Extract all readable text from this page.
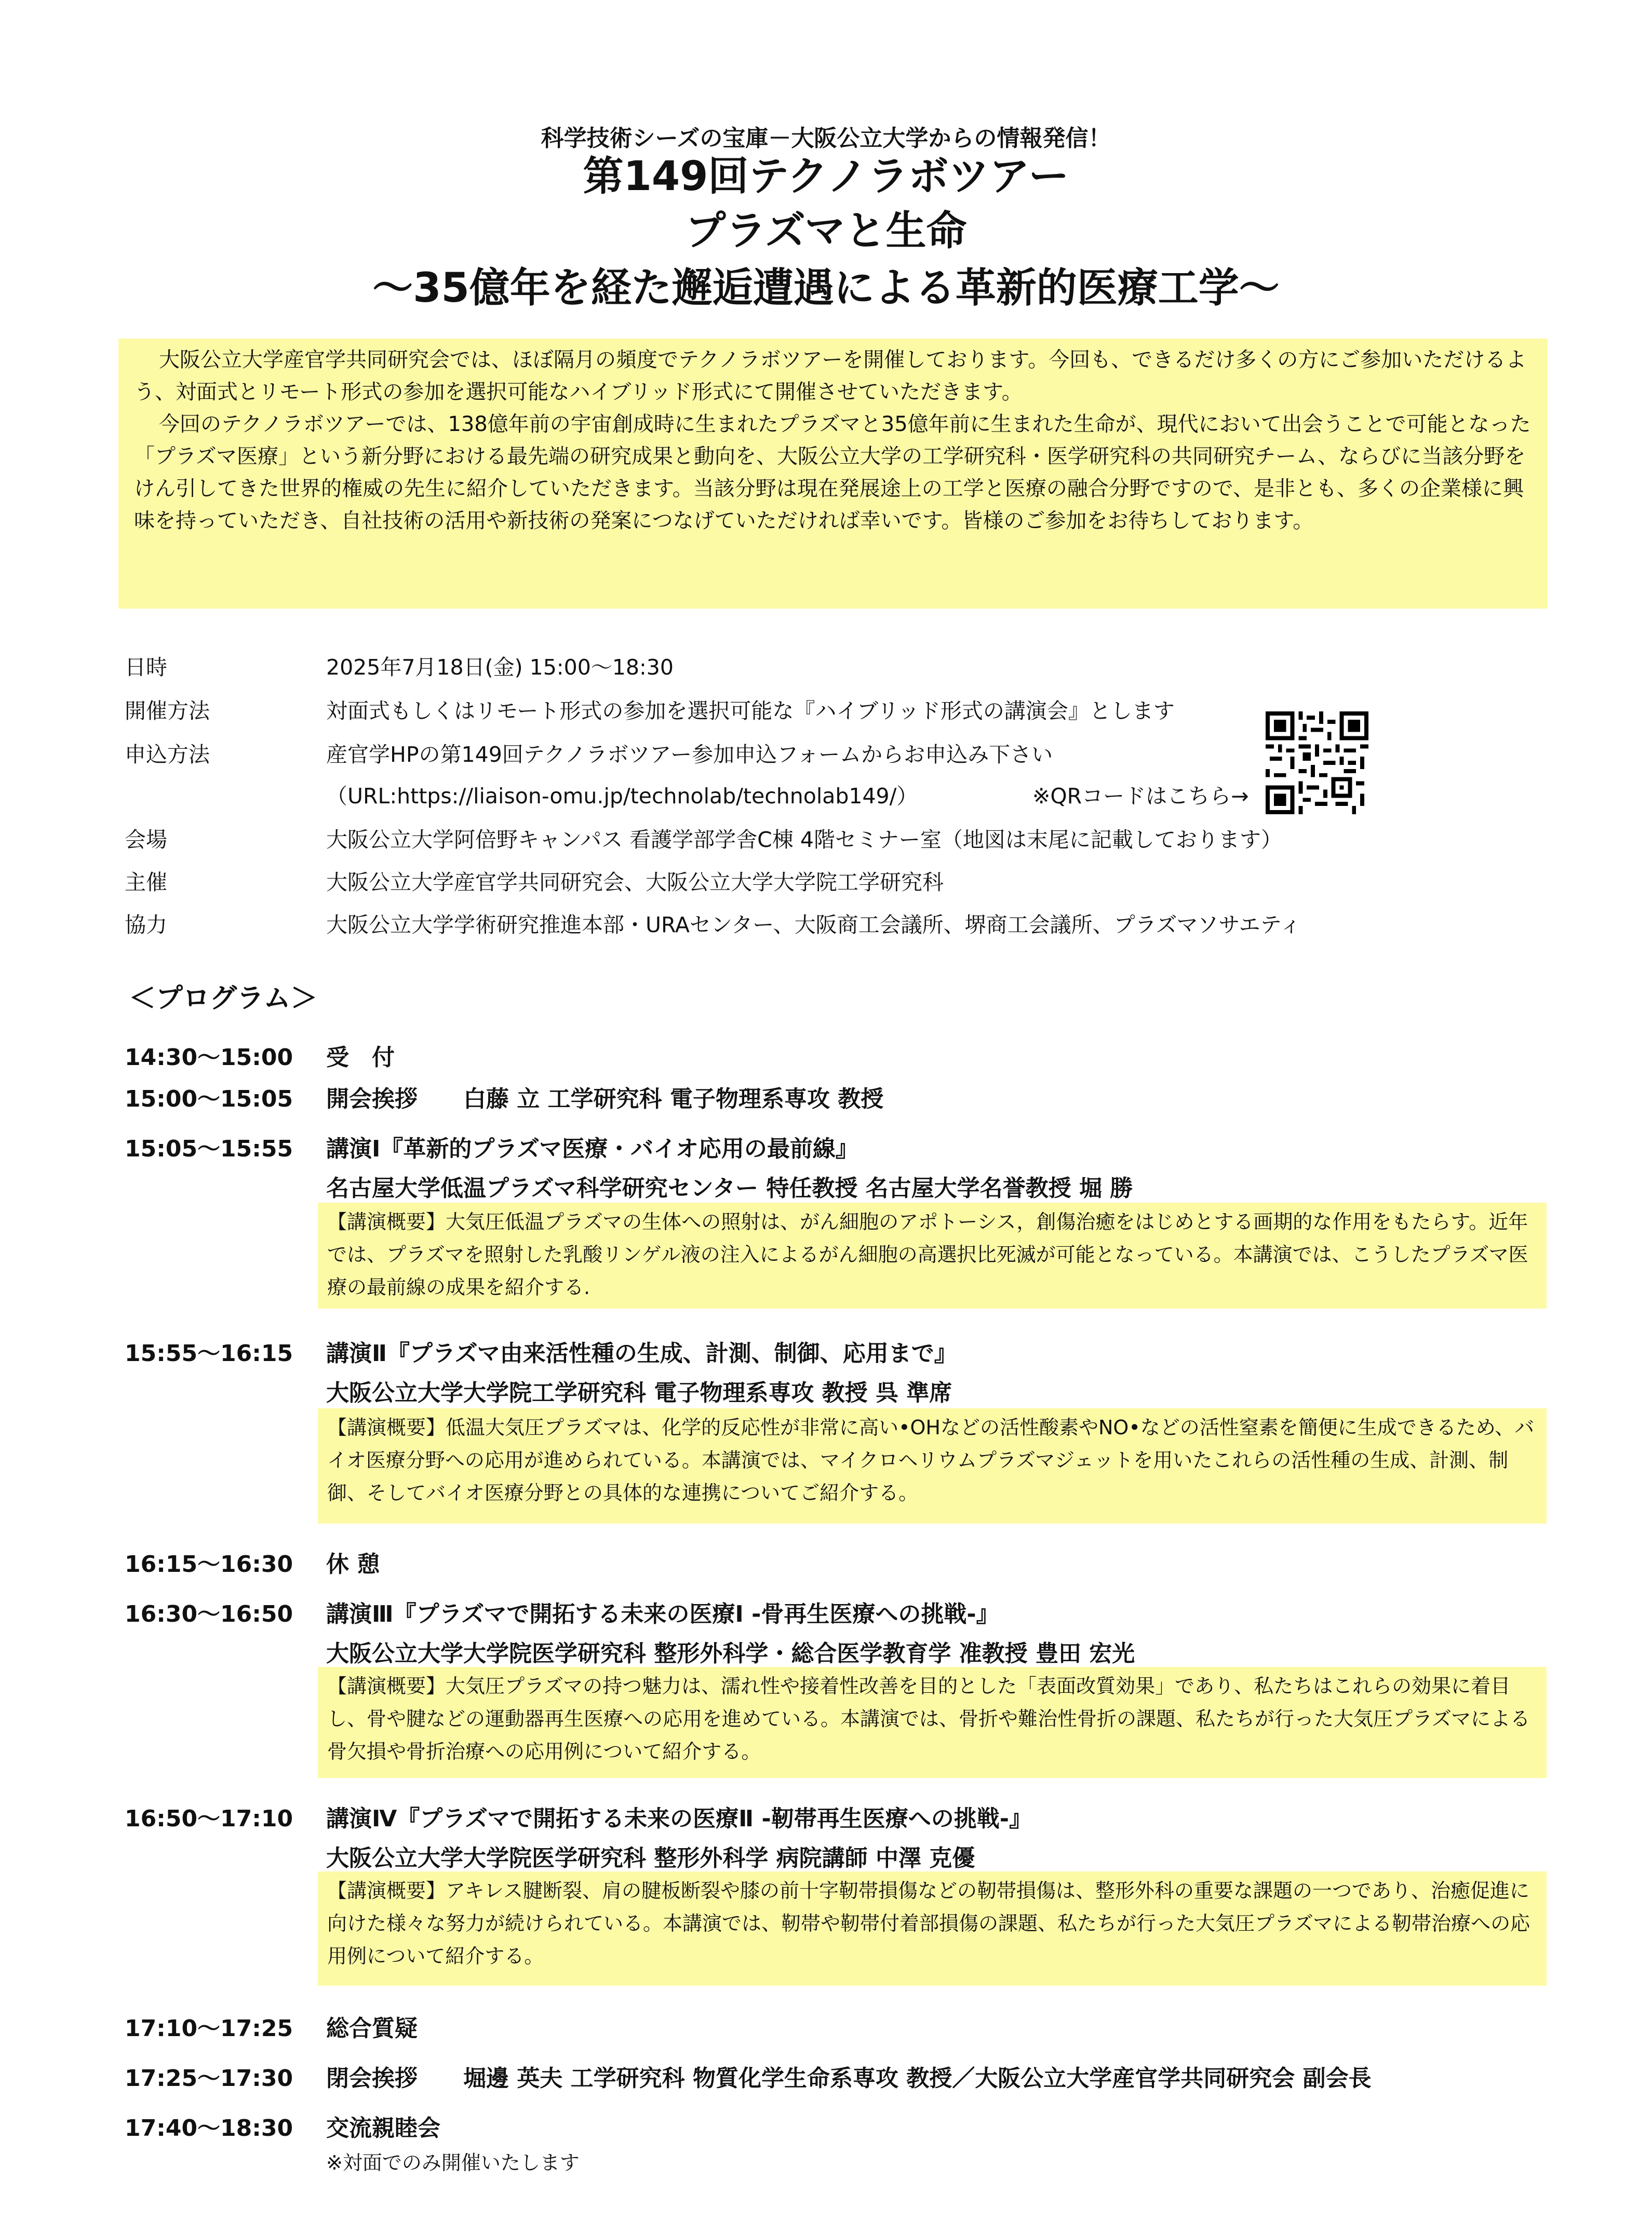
科学技術シーズの宝庫－大阪公立大学からの情報発信！
第149回テクノラボツアー
プラズマと生命
～35億年を経た邂逅遭遇による革新的医療工学～

大阪公立大学産官学共同研究会では、ほぼ隔月の頻度でテクノラボツアーを開催しております。今回も、できるだけ多くの方にご参加いただけるよう、対面式とリモート形式の参加を選択可能なハイブリッド形式にて開催させていただきます。

今回のテクノラボツアーでは、138億年前の宇宙創成時に生まれたプラズマと35億年前に生まれた生命が、現代において出会うことで可能となった「プラズマ医療」という新分野における最先端の研究成果と動向を、大阪公立大学の工学研究科・医学研究科の共同研究チーム、ならびに当該分野をけん引してきた世界的権威の先生に紹介していただきます。当該分野は現在発展途上の工学と医療の融合分野ですので、是非とも、多くの企業様に興味を持っていただき、自社技術の活用や新技術の発案につなげていただければ幸いです。皆様のご参加をお待ちしております。

日時	2025年7月18日(金) 15:00～18:30
開催方法	対面式もしくはリモート形式の参加を選択可能な『ハイブリッド形式の講演会』とします
申込方法	産官学HPの第149回テクノラボツアー参加申込フォームからお申込み下さい
（URL:https://liaison-omu.jp/technolab/technolab149/）	※QRコードはこちら→
会場	大阪公立大学阿倍野キャンパス 看護学部学舎C棟 4階セミナー室（地図は末尾に記載しております）
主催	大阪公立大学産官学共同研究会、大阪公立大学大学院工学研究科
協力	大阪公立大学学術研究推進本部・URAセンター、大阪商工会議所、堺商工会議所、プラズマソサエティ
＜プログラム＞
14:30～15:00 受　付
15:00～15:05 開会挨拶　　白藤 立 工学研究科 電子物理系専攻 教授
15:05～15:55 講演Ⅰ『革新的プラズマ医療・バイオ応用の最前線』
名古屋大学低温プラズマ科学研究センター 特任教授 名古屋大学名誉教授 堀 勝
【講演概要】大気圧低温プラズマの生体への照射は、がん細胞のアポトーシス，創傷治癒をはじめとする画期的な作用をもたらす。近年では、プラズマを照射した乳酸リンゲル液の注入によるがん細胞の高選択比死滅が可能となっている。本講演では、こうしたプラズマ医療の最前線の成果を紹介する.
15:55～16:15 講演Ⅱ『プラズマ由来活性種の生成、計測、制御、応用まで』
大阪公立大学大学院工学研究科 電子物理系専攻 教授 呉 準席
【講演概要】低温大気圧プラズマは、化学的反応性が非常に高い•OHなどの活性酸素やNO•などの活性窒素を簡便に生成できるため、バイオ医療分野への応用が進められている。本講演では、マイクロヘリウムプラズマジェットを用いたこれらの活性種の生成、計測、制御、そしてバイオ医療分野との具体的な連携についてご紹介する。
16:15～16:30 休 憩
16:30～16:50 講演Ⅲ『プラズマで開拓する未来の医療Ⅰ -骨再生医療への挑戦-』
大阪公立大学大学院医学研究科 整形外科学・総合医学教育学 准教授 豊田 宏光
【講演概要】大気圧プラズマの持つ魅力は、濡れ性や接着性改善を目的とした「表面改質効果」であり、私たちはこれらの効果に着目し、骨や腱などの運動器再生医療への応用を進めている。本講演では、骨折や難治性骨折の課題、私たちが行った大気圧プラズマによる骨欠損や骨折治療への応用例について紹介する。
16:50～17:10 講演Ⅳ『プラズマで開拓する未来の医療Ⅱ -靭帯再生医療への挑戦-』
大阪公立大学大学院医学研究科 整形外科学 病院講師 中澤 克優
【講演概要】アキレス腱断裂、肩の腱板断裂や膝の前十字靭帯損傷などの靭帯損傷は、整形外科の重要な課題の一つであり、治癒促進に向けた様々な努力が続けられている。本講演では、靭帯や靭帯付着部損傷の課題、私たちが行った大気圧プラズマによる靭帯治療への応用例について紹介する。
17:10～17:25 総合質疑
17:25～17:30 閉会挨拶　　堀邊 英夫 工学研究科 物質化学生命系専攻 教授／大阪公立大学産官学共同研究会 副会長
17:40～18:30 交流親睦会
※対面でのみ開催いたします
